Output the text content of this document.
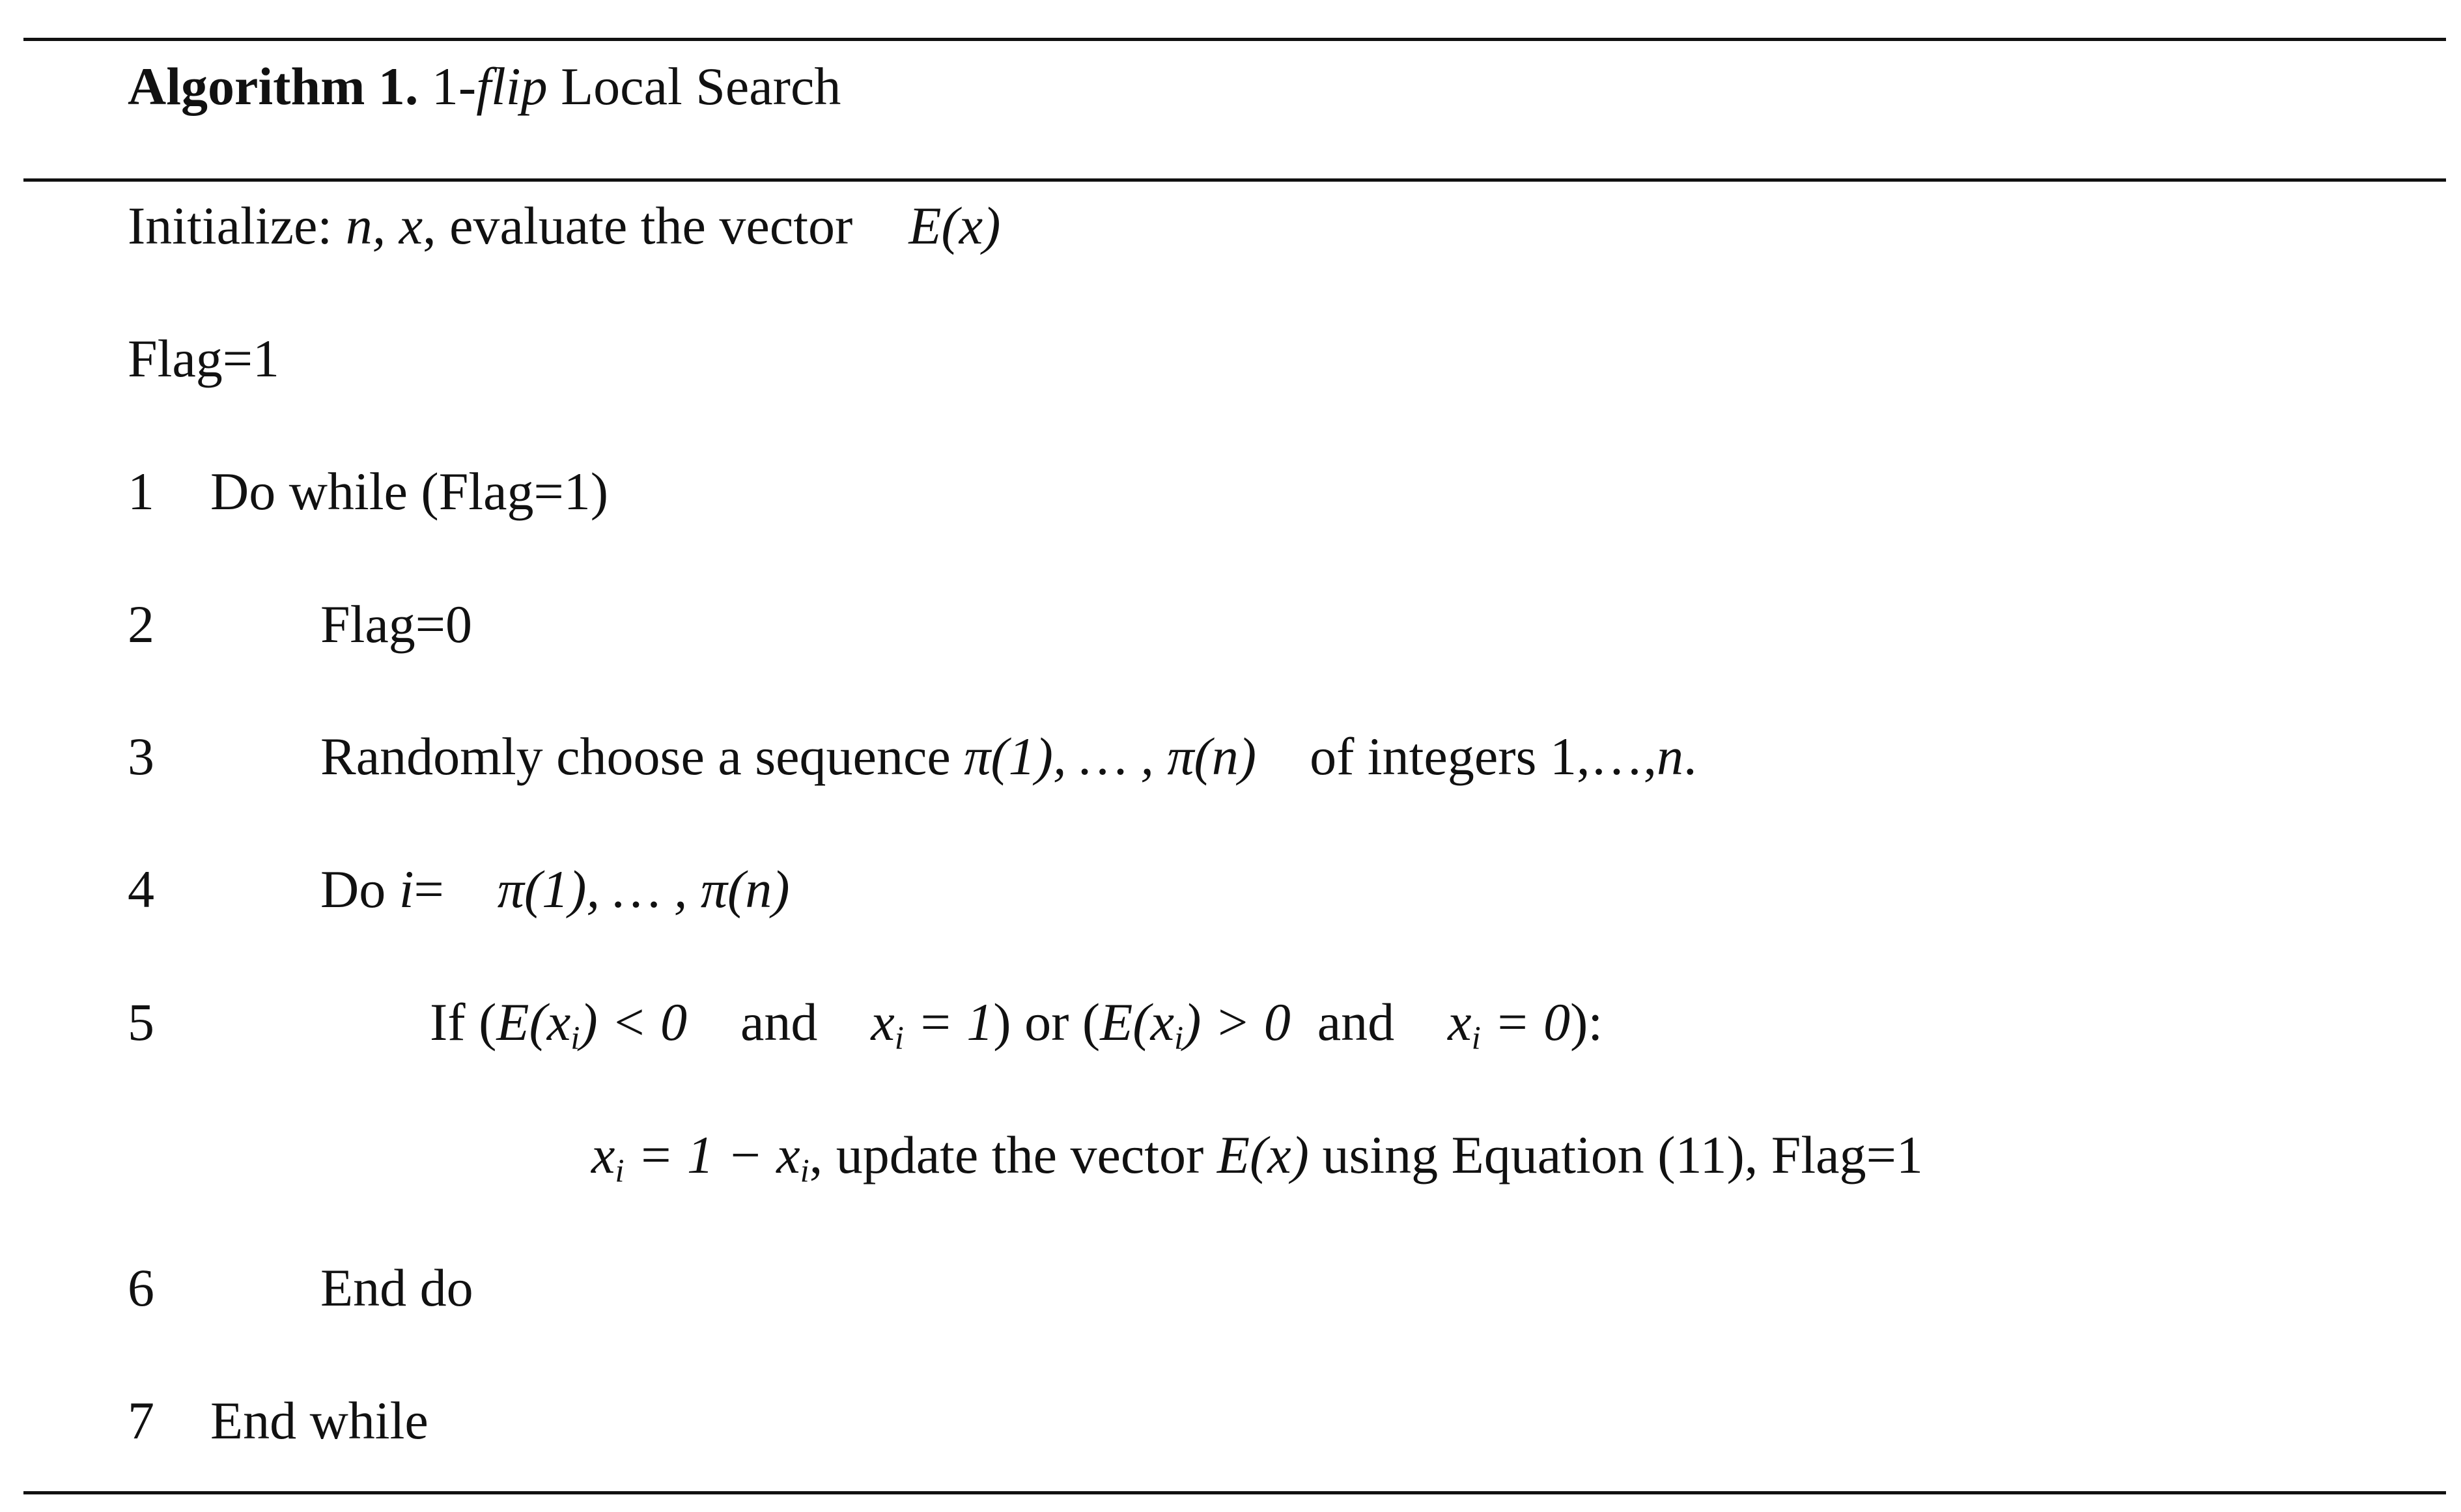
Algorithm 1. 1-flip Local Search
Initialize: n, x, evaluate the vector E(x)
Flag=1
1 Do while (Flag=1)
2	Flag=0
3	Randomly choose a sequence π(1), … , π(n)    of integers 1,…,n.
4	Do i=    π(1), … , π(n)
5	If ($E(x_i) < 0$    and    $x_i = 1$) or ($E(x_i) > 0$  and    $x_i = 0$):
$x_i = 1 - x_i$, update the vector E(x) using Equation (11), Flag=1
6	End do
7 End while
